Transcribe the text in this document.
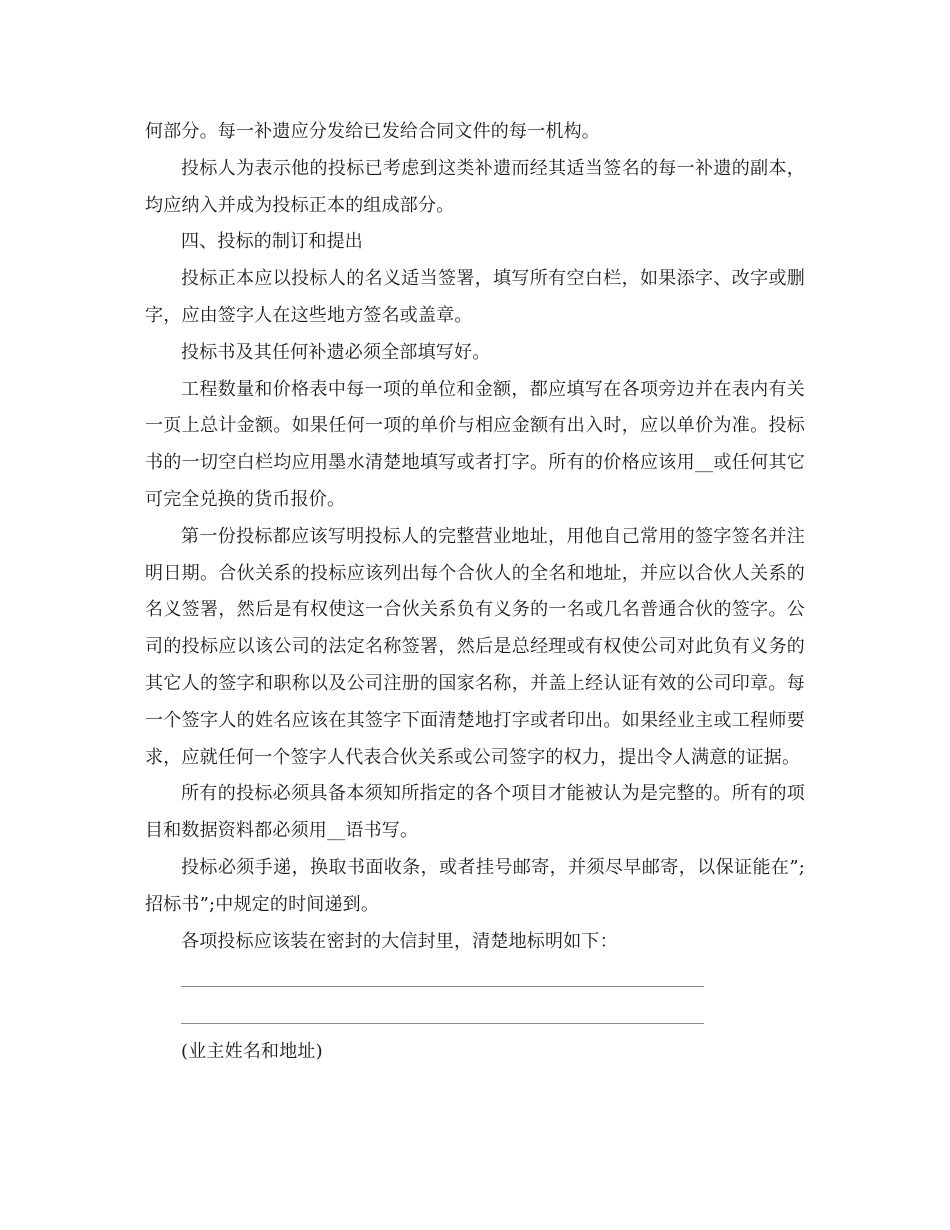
何部分。每一补遗应分发给已发给合同文件的每一机构。

投标人为表示他的投标已考虑到这类补遗而经其适当签名的每一补遗的副本，均应纳入并成为投标正本的组成部分。

四、投标的制订和提出

投标正本应以投标人的名义适当签署，填写所有空白栏，如果添字、改字或删字，应由签字人在这些地方签名或盖章。

投标书及其任何补遗必须全部填写好。

工程数量和价格表中每一项的单位和金额，都应填写在各项旁边并在表内有关一页上总计金额。如果任何一项的单价与相应金额有出入时，应以单价为准。投标书的一切空白栏均应用墨水清楚地填写或者打字。所有的价格应该用__或任何其它可完全兑换的货币报价。

第一份投标都应该写明投标人的完整营业地址，用他自己常用的签字签名并注明日期。合伙关系的投标应该列出每个合伙人的全名和地址，并应以合伙人关系的名义签署，然后是有权使这一合伙关系负有义务的一名或几名普通合伙的签字。公司的投标应以该公司的法定名称签署，然后是总经理或有权使公司对此负有义务的其它人的签字和职称以及公司注册的国家名称，并盖上经认证有效的公司印章。每一个签字人的姓名应该在其签字下面清楚地打字或者印出。如果经业主或工程师要求，应就任何一个签字人代表合伙关系或公司签字的权力，提出令人满意的证据。

所有的投标必须具备本须知所指定的各个项目才能被认为是完整的。所有的项目和数据资料都必须用__语书写。

投标必须手递，换取书面收条，或者挂号邮寄，并须尽早邮寄，以保证能在”;招标书”;中规定的时间递到。

各项投标应该装在密封的大信封里，清楚地标明如下：

(业主姓名和地址)
